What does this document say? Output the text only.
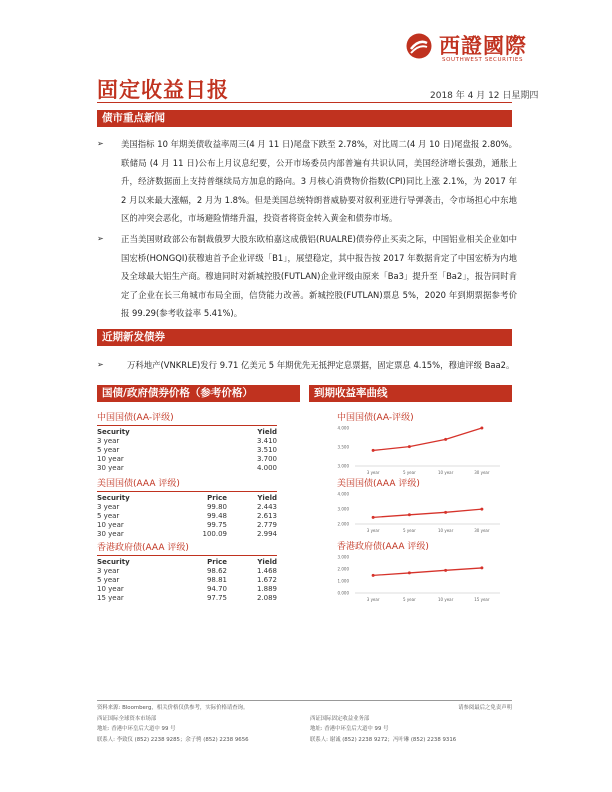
西證國際
SOUTHWEST SECURITIES
固定收益日报	2018 年 4 月 12 日星期四
债市重点新闻
➢ 美国指标 10 年期美债收益率周三(4 月 11 日)尾盘下跌至 2.78%，对比周二(4 月 10 日)尾盘报 2.80%。联储局 (4 月 11 日)公布上月议息纪要，公开市场委员内部普遍有共识认同，美国经济增长强劲，通胀上升，经济数据面上支持普继续局方加息的路向。3 月核心消费物价指数(CPI)同比上涨 2.1%，为 2017 年 2 月以来最大涨幅，2 月为 1.8%。但是美国总统特朗普威胁要对叙利亚进行导弹袭击，令市场担心中东地区的冲突会恶化，市场避险情绪升温，投资者将资金转入黄金和债券市场。
➢ 正当美国财政部公布制裁俄罗大股东欧柏嘉这成俄铝(RUALRE)债券停止买卖之际，中国铝业相关企业如中国宏桥(HONGQI)获穆迪首予企业评级「B1」，展望稳定，其中报告按 2017 年数据肯定了中国宏桥为内地及全球最大铝生产商。穆迪同时对新城控股(FUTLAN)企业评级由原来「Ba3」提升至「Ba2」，报告同时肯定了企业在长三角城市布局全面，信贷能力改善。新城控股(FUTLAN)票息 5%，2020 年到期票据参考价报 99.29(参考收益率 5.41%)。
近期新发债券
➢	万科地产(VNKRLE)发行 9.71 亿美元 5 年期优先无抵押定息票据，固定票息 4.15%，穆迪评级 Baa2。
国债/政府债券价格（参考价格）	到期收益率曲线
中国国债(AA-评级)
Security		Yield
3 year		3.410
5 year		3.510
10 year		3.700
30 year		4.000
美国国债(AAA 评级)
Security	Price	Yield
3 year	99.80	2.443
5 year	99.48	2.613
10 year	99.75	2.779
30 year	100.09	2.994
香港政府债(AAA 评级)
Security	Price	Yield
3 year	98.62	1.468
5 year	98.81	1.672
10 year	94.70	1.889
15 year	97.75	2.089
中国国债(AA-评级)
4.000
3.500
3.000
3 year	5 year	10 year	30 year
美国国债(AAA 评级)
4.000
3.000
2.000
3 year	5 year	10 year	30 year
香港政府债(AAA 评级)
3.000
2.000
1.000
0.000
3 year	5 year	10 year	15 year
资料来源: Bloomberg，相关价格仅供参考，实际价格请查询。
西证国际全球资本市场部
地址: 香港中环皇后大道中 99 号
联系人: 李致仪 (852) 2238 9285；余子骋 (852) 2238 9656
请参阅最后之免责声明
西证国际固定收益业务部
地址: 香港中环皇后大道中 99 号
联系人: 谢诚 (852) 2238 9272；冯叶琳 (852) 2238 9316
